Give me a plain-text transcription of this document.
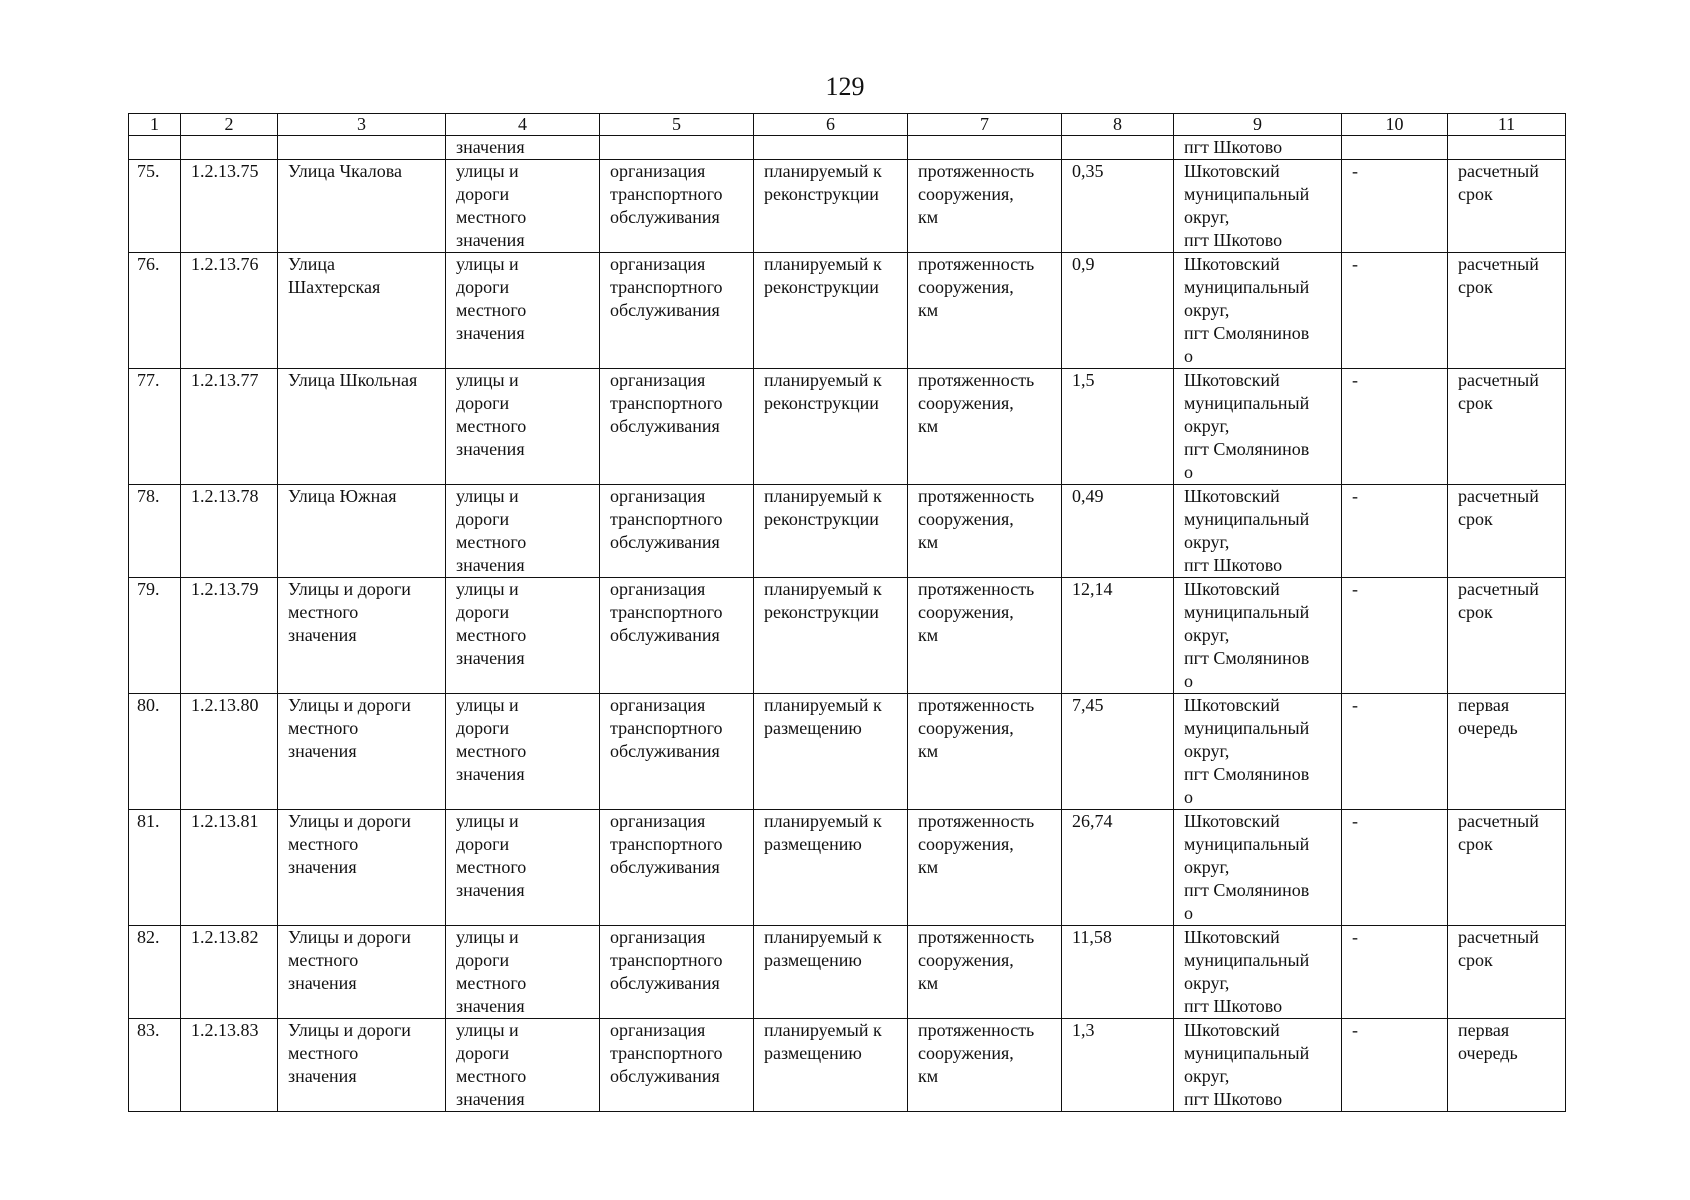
129
1	2	3	4	5	6	7	8	9	10	11
			значения					пгт Шкотово		
75.	1.2.13.75	Улица Чкалова	улицы и
дороги
местного
значения	организация
транспортного
обслуживания	планируемый к
реконструкции	протяженность
сооружения,
км	0,35	Шкотовский
муниципальный
округ,
пгт Шкотово	-	расчетный
срок

76.	1.2.13.76	Улица
Шахтерская	улицы и
дороги
местного
значения	организация
транспортного
обслуживания	планируемый к
реконструкции	протяженность
сооружения,
км	0,9	Шкотовский
муниципальный
округ,
пгт Смолянинов
о	-	расчетный
срок

77.	1.2.13.77	Улица Школьная	улицы и
дороги
местного
значения	организация
транспортного
обслуживания	планируемый к
реконструкции	протяженность
сооружения,
км	1,5	Шкотовский
муниципальный
округ,
пгт Смолянинов
о	-	расчетный
срок

78.	1.2.13.78	Улица Южная	улицы и
дороги
местного
значения	организация
транспортного
обслуживания	планируемый к
реконструкции	протяженность
сооружения,
км	0,49	Шкотовский
муниципальный
округ,
пгт Шкотово	-	расчетный
срок

79.	1.2.13.79	Улицы и дороги
местного
значения	улицы и
дороги
местного
значения	организация
транспортного
обслуживания	планируемый к
реконструкции	протяженность
сооружения,
км	12,14	Шкотовский
муниципальный
округ,
пгт Смолянинов
о	-	расчетный
срок

80.	1.2.13.80	Улицы и дороги
местного
значения	улицы и
дороги
местного
значения	организация
транспортного
обслуживания	планируемый к
размещению	протяженность
сооружения,
км	7,45	Шкотовский
муниципальный
округ,
пгт Смолянинов
о	-	первая
очередь

81.	1.2.13.81	Улицы и дороги
местного
значения	улицы и
дороги
местного
значения	организация
транспортного
обслуживания	планируемый к
размещению	протяженность
сооружения,
км	26,74	Шкотовский
муниципальный
округ,
пгт Смолянинов
о	-	расчетный
срок

82.	1.2.13.82	Улицы и дороги
местного
значения	улицы и
дороги
местного
значения	организация
транспортного
обслуживания	планируемый к
размещению	протяженность
сооружения,
км	11,58	Шкотовский
муниципальный
округ,
пгт Шкотово	-	расчетный
срок

83.	1.2.13.83	Улицы и дороги
местного
значения	улицы и
дороги
местного
значения	организация
транспортного
обслуживания	планируемый к
размещению	протяженность
сооружения,
км	1,3	Шкотовский
муниципальный
округ,
пгт Шкотово	-	первая
очередь
